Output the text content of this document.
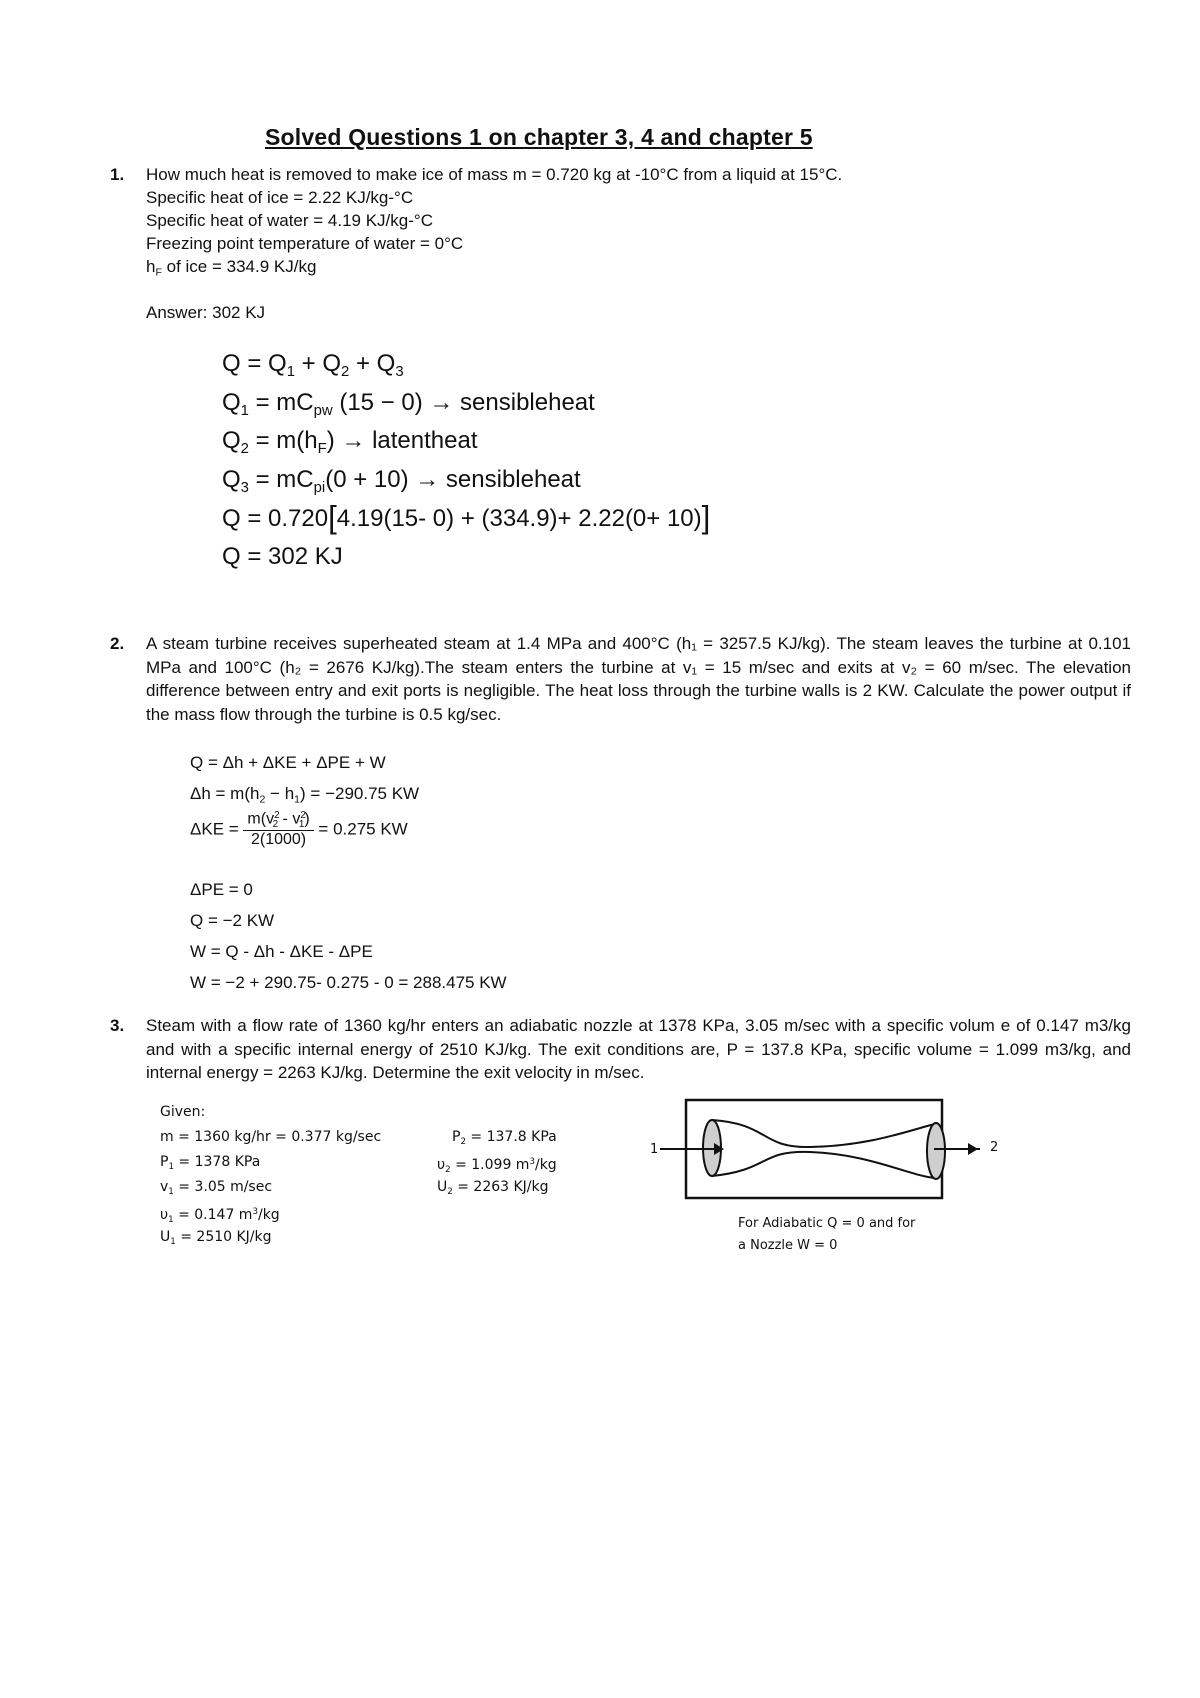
Solved Questions 1 on chapter 3, 4 and chapter 5
1. How much heat is removed to make ice of mass m = 0.720 kg at -10°C from a liquid at 15°C.
Specific heat of ice = 2.22 KJ/kg-°C
Specific heat of water = 4.19 KJ/kg-°C
Freezing point temperature of water = 0°C
$h_F$ of ice = 334.9 KJ/kg
Answer: 302 KJ
$Q = Q_1 + Q_2 + Q_3$
$Q_1 = mC_{pw}$ (15 − 0) → sensibleheat
$Q_2 = m(h_F)$ → latentheat
$Q_3 = mC_{pi}(0 + 10)$ → sensibleheat
Q = 0.720[4.19(15- 0) + (334.9)+ 2.22(0+ 10)]
Q = 302 KJ
2. A steam turbine receives superheated steam at 1.4 MPa and 400°C (h₁ = 3257.5 KJ/kg). The steam leaves the turbine at 0.101 MPa and 100°C (h₂ = 2676 KJ/kg).The steam enters the turbine at v₁ = 15 m/sec and exits at v₂ = 60 m/sec. The elevation difference between entry and exit ports is negligible. The heat loss through the turbine walls is 2 KW. Calculate the power output if the mass flow through the turbine is 0.5 kg/sec.
Q = Δh + ΔKE + ΔPE + W
$\Delta h = m(h_2 - h_1) = -290.75$ KW
$\Delta KE = \frac{m(v^2_2 - v^2_1)}{2(1000)} = 0.275$ KW
ΔPE = 0
Q = −2 KW
W = Q - Δh - ΔKE - ΔPE
W = −2 + 290.75- 0.275 - 0 = 288.475 KW
3. Steam with a flow rate of 1360 kg/hr enters an adiabatic nozzle at 1378 KPa, 3.05 m/sec with a specific volum e of 0.147 m3/kg and with a specific internal energy of 2510 KJ/kg. The exit conditions are, P = 137.8 KPa, specific volume = 1.099 m3/kg, and internal energy = 2263 KJ/kg. Determine the exit velocity in m/sec.
Given:
m = 1360 kg/hr = 0.377 kg/sec
$P_1 = 1378$ KPa
$v_1 = 3.05$ m/sec
$\upsilon_1 = 0.147$ $m^3/kg$
$U_1 = 2510$ KJ/kg
$P_2 = 137.8$ KPa
$\upsilon_2 = 1.099$ $m^3/kg$
$U_2 = 2263$ KJ/kg
1	2
For Adiabatic Q = 0 and for
a Nozzle W = 0
